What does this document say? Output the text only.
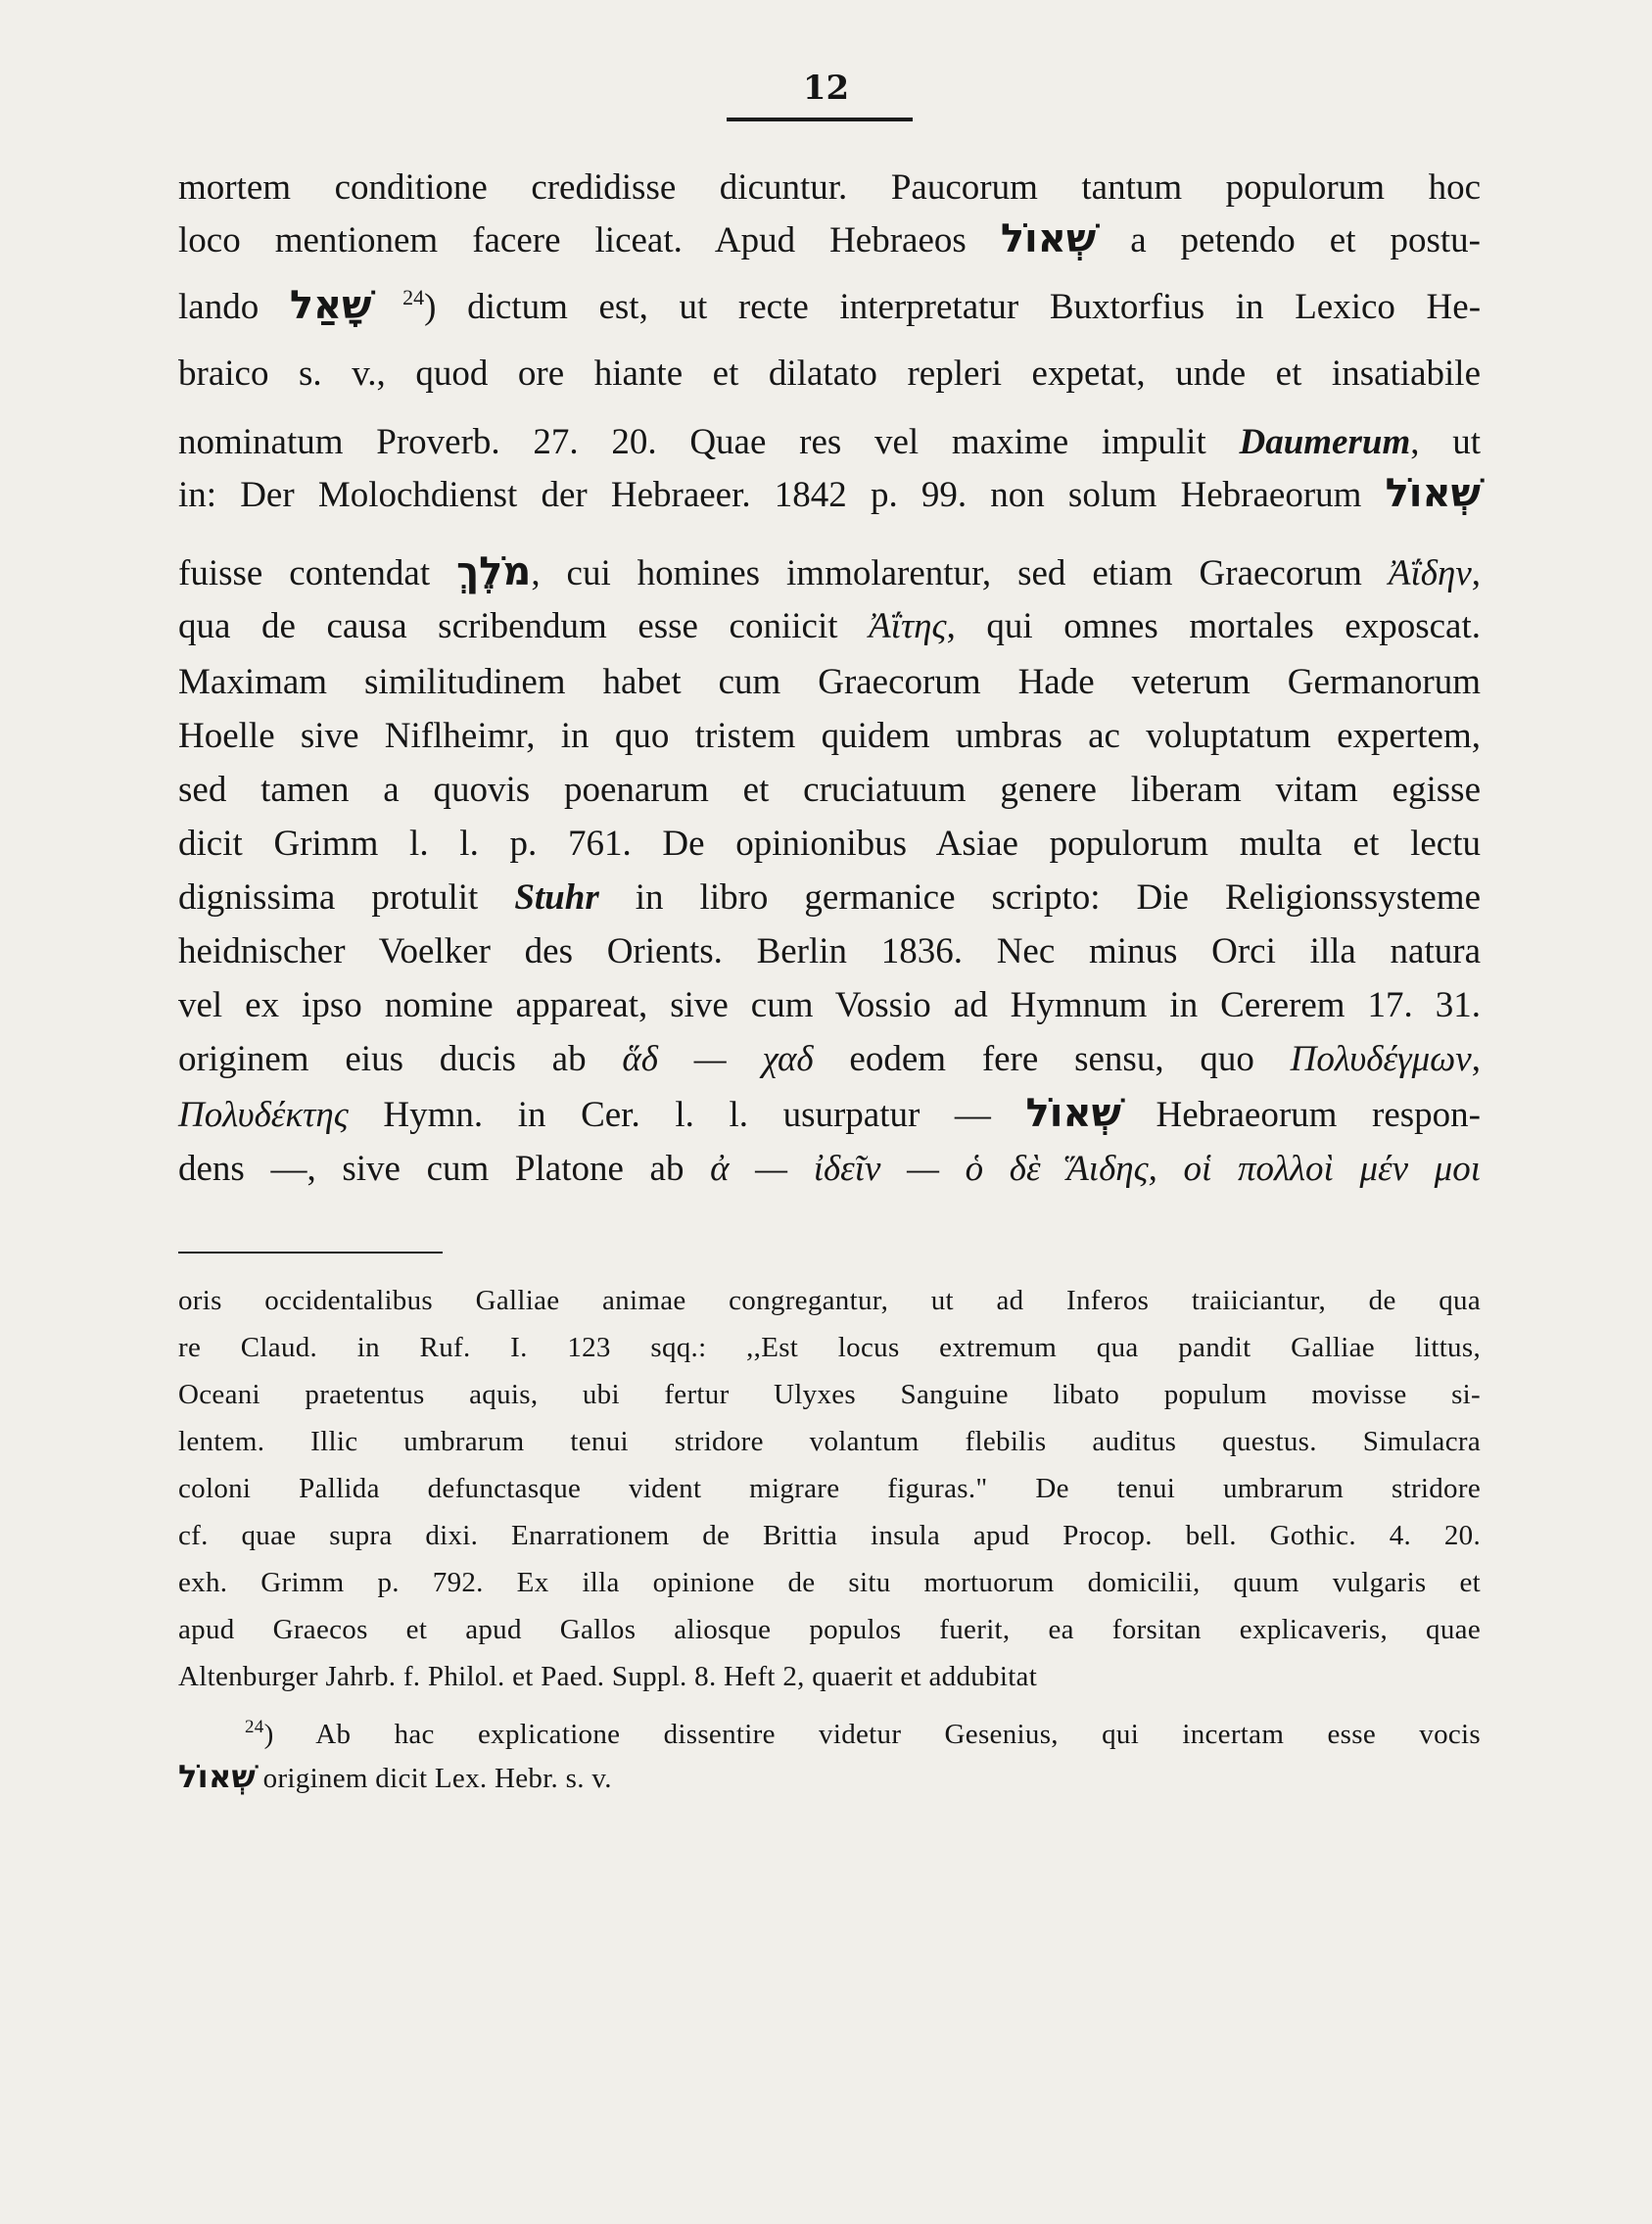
12
mortem conditione credidisse dicuntur. Paucorum tantum populorum hoc
loco mentionem facere liceat. Apud Hebraeos שְׁאוֹל a petendo et postu-
lando שָׁאַל $^{24}$) dictum est, ut recte interpretatur Buxtorfius in Lexico He-
braico s. v., quod ore hiante et dilatato repleri expetat, unde et insatiabile
nominatum Proverb. 27. 20. Quae res vel maxime impulit Daumerum, ut
in: Der Molochdienst der Hebraeer. 1842 p. 99. non solum Hebraeorum שְׁאוֹל
fuisse contendat מֹלֶךְ, cui homines immolarentur, sed etiam Graecorum Ἀΐδην,
qua de causa scribendum esse coniicit Ἀΐτης, qui omnes mortales exposcat.
Maximam similitudinem habet cum Graecorum Hade veterum Germanorum
Hoelle sive Niflheimr, in quo tristem quidem umbras ac voluptatum expertem,
sed tamen a quovis poenarum et cruciatuum genere liberam vitam egisse
dicit Grimm l. l. p. 761. De opinionibus Asiae populorum multa et lectu
dignissima protulit Stuhr in libro germanice scripto: Die Religionssysteme
heidnischer Voelker des Orients. Berlin 1836. Nec minus Orci illa natura
vel ex ipso nomine appareat, sive cum Vossio ad Hymnum in Cererem 17. 31.
originem eius ducis ab ἅδ — χαδ eodem fere sensu, quo Πολυδέγμων,
Πολυδέκτης Hymn. in Cer. l. l. usurpatur — שְׁאוֹל Hebraeorum respon-
dens —, sive cum Platone ab ἀ — ἰδεῖν — ὁ δὲ Ἅιδης, οἱ πολλοὶ μέν μοι
oris occidentalibus Galliae animae congregantur, ut ad Inferos traiiciantur, de qua
re Claud. in Ruf. I. 123 sqq.: ,,Est locus extremum qua pandit Galliae littus,
Oceani praetentus aquis, ubi fertur Ulyxes Sanguine libato populum movisse si-
lentem. Illic umbrarum tenui stridore volantum flebilis auditus questus. Simulacra
coloni Pallida defunctasque vident migrare figuras." De tenui umbrarum stridore
cf. quae supra dixi. Enarrationem de Brittia insula apud Procop. bell. Gothic. 4. 20.
exh. Grimm p. 792. Ex illa opinione de situ mortuorum domicilii, quum vulgaris et
apud Graecos et apud Gallos aliosque populos fuerit, ea forsitan explicaveris, quae
Altenburger Jahrb. f. Philol. et Paed. Suppl. 8. Heft 2, quaerit et addubitat
$^{24}$) Ab hac explicatione dissentire videtur Gesenius, qui incertam esse vocis
שְׁאוֹל originem dicit Lex. Hebr. s. v.
